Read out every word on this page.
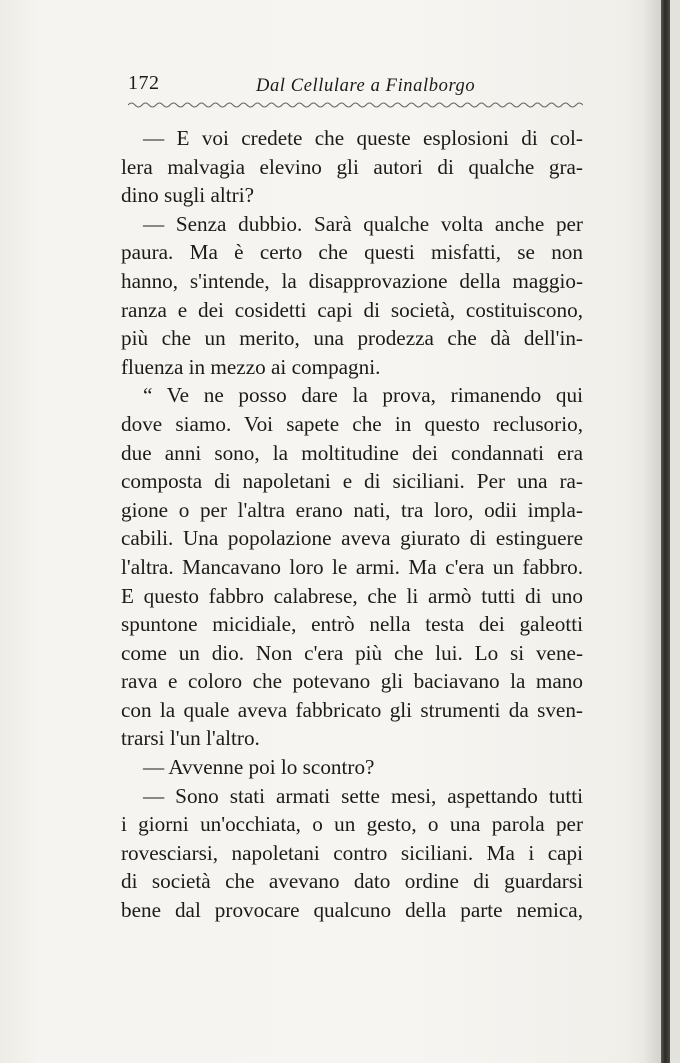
172	Dal Cellulare a Finalborgo
— E voi credete che queste esplosioni di col-
lera malvagia elevino gli autori di qualche gra-
dino sugli altri?
— Senza dubbio. Sarà qualche volta anche per
paura. Ma è certo che questi misfatti, se non
hanno, s'intende, la disapprovazione della maggio-
ranza e dei cosidetti capi di società, costituiscono,
più che un merito, una prodezza che dà dell'in-
fluenza in mezzo ai compagni.
“ Ve ne posso dare la prova, rimanendo qui
dove siamo. Voi sapete che in questo reclusorio,
due anni sono, la moltitudine dei condannati era
composta di napoletani e di siciliani. Per una ra-
gione o per l'altra erano nati, tra loro, odii impla-
cabili. Una popolazione aveva giurato di estinguere
l'altra. Mancavano loro le armi. Ma c'era un fabbro.
E questo fabbro calabrese, che li armò tutti di uno
spuntone micidiale, entrò nella testa dei galeotti
come un dio. Non c'era più che lui. Lo si vene-
rava e coloro che potevano gli baciavano la mano
con la quale aveva fabbricato gli strumenti da sven-
trarsi l'un l'altro.
— Avvenne poi lo scontro?
— Sono stati armati sette mesi, aspettando tutti
i giorni un'occhiata, o un gesto, o una parola per
rovesciarsi, napoletani contro siciliani. Ma i capi
di società che avevano dato ordine di guardarsi
bene dal provocare qualcuno della parte nemica,
